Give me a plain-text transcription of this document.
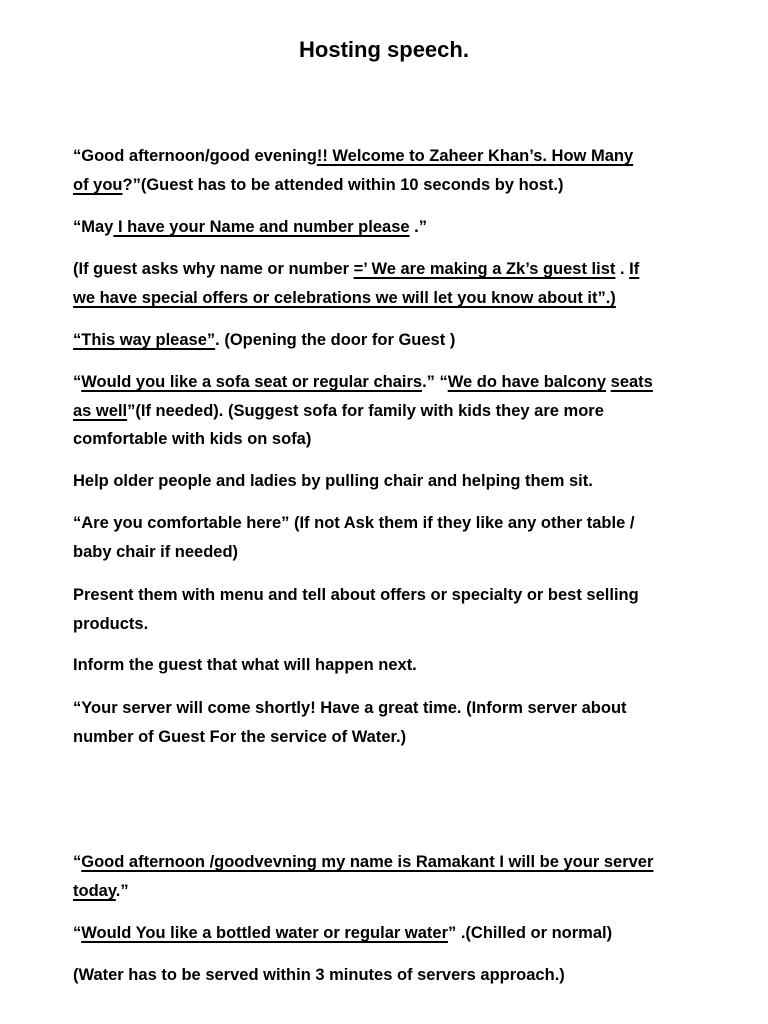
Hosting speech.
“Good afternoon/good evening!! Welcome to Zaheer Khan’s. How Many
of you?”(Guest has to be attended within 10 seconds by host.)
“May I have your Name and number please .”
(If guest asks why name or number =’ We are making a Zk’s guest list . If
we have special offers or celebrations we will let you know about it”.)
“This way please”. (Opening the door for Guest )
“Would you like a sofa seat or regular chairs.” “We do have balcony seats
as well”(If needed). (Suggest sofa for family with kids they are more
comfortable with kids on sofa)
Help older people and ladies by pulling chair and helping them sit.
“Are you comfortable here” (If not Ask them if they like any other table /
baby chair if needed)
Present them with menu and tell about offers or specialty or best selling
products.
Inform the guest that what will happen next.
“Your server will come shortly! Have a great time. (Inform server about
number of Guest For the service of Water.)
“Good afternoon /goodvevning my name is Ramakant I will be your server
today.”
“Would You like a bottled water or regular water” .(Chilled or normal)
(Water has to be served within 3 minutes of servers approach.)
